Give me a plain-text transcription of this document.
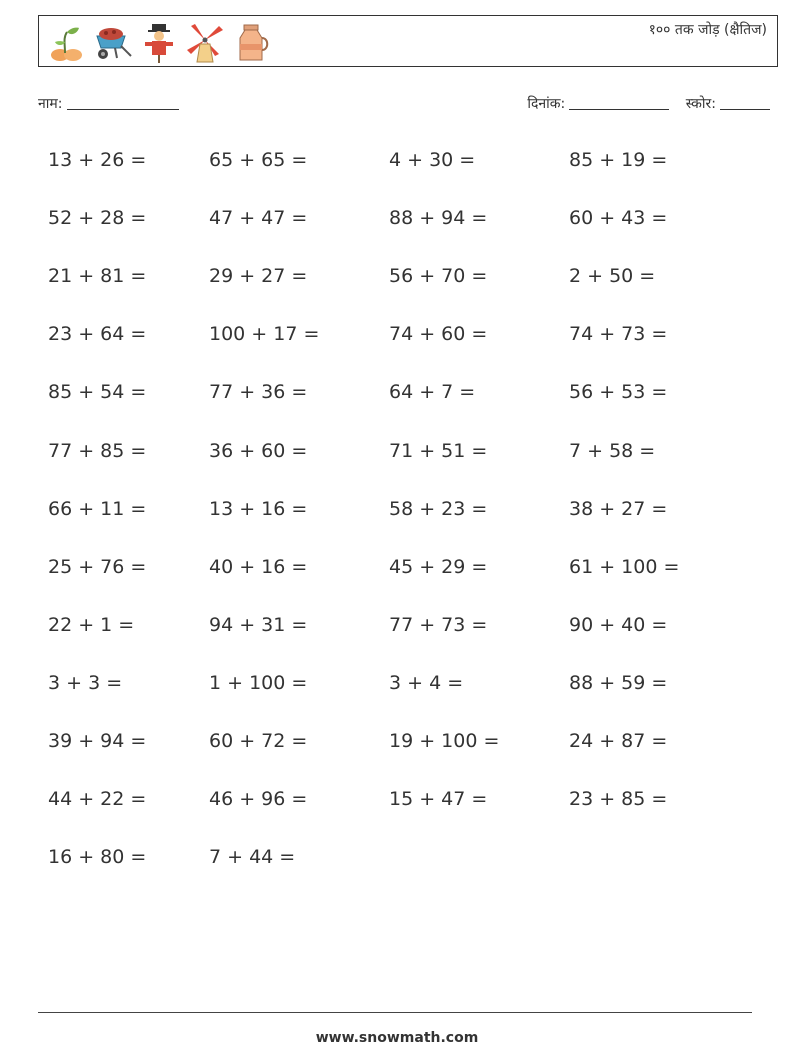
१०० तक जोड़ (क्षैतिज)
नाम:	दिनांक:	स्कोर:
13 + 26 =	65 + 65 =	4 + 30 =	85 + 19 =
52 + 28 =	47 + 47 =	88 + 94 =	60 + 43 =
21 + 81 =	29 + 27 =	56 + 70 =	2 + 50 =
23 + 64 =	100 + 17 =	74 + 60 =	74 + 73 =
85 + 54 =	77 + 36 =	64 + 7 =	56 + 53 =
77 + 85 =	36 + 60 =	71 + 51 =	7 + 58 =
66 + 11 =	13 + 16 =	58 + 23 =	38 + 27 =
25 + 76 =	40 + 16 =	45 + 29 =	61 + 100 =
22 + 1 =	94 + 31 =	77 + 73 =	90 + 40 =
3 + 3 =	1 + 100 =	3 + 4 =	88 + 59 =
39 + 94 =	60 + 72 =	19 + 100 =	24 + 87 =
44 + 22 =	46 + 96 =	15 + 47 =	23 + 85 =
16 + 80 =	7 + 44 =
www.snowmath.com
